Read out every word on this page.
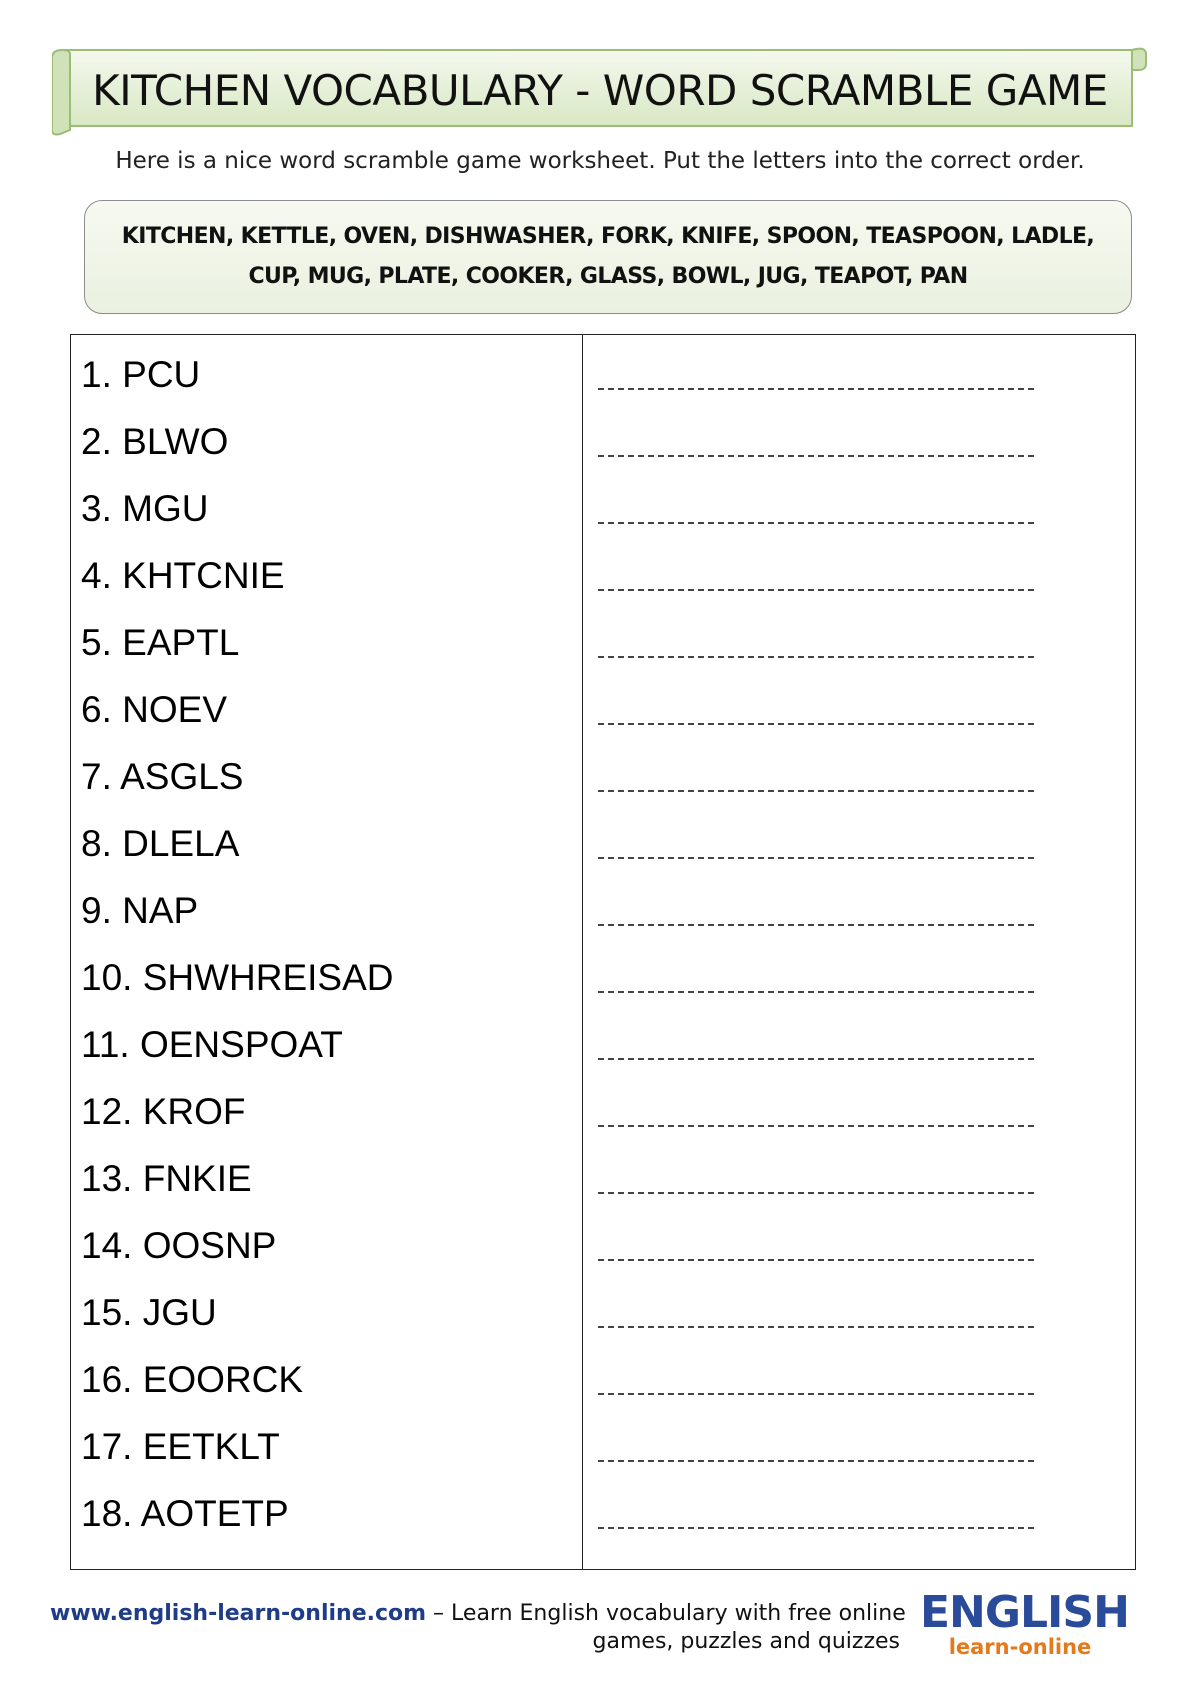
KITCHEN VOCABULARY - WORD SCRAMBLE GAME
Here is a nice word scramble game worksheet. Put the letters into the correct order.
KITCHEN, KETTLE, OVEN, DISHWASHER, FORK, KNIFE, SPOON, TEASPOON, LADLE,
CUP, MUG, PLATE, COOKER, GLASS, BOWL, JUG, TEAPOT, PAN
1. PCU
2. BLWO
3. MGU
4. KHTCNIE
5. EAPTL
6. NOEV
7. ASGLS
8. DLELA
9. NAP
10. SHWHREISAD
11. OENSPOAT
12. KROF
13. FNKIE
14. OOSNP
15. JGU
16. EOORCK
17. EETKLT
18. AOTETP
www.english-learn-online.com – Learn English vocabulary with free online
games, puzzles and quizzes
ENGLISH
learn-online
